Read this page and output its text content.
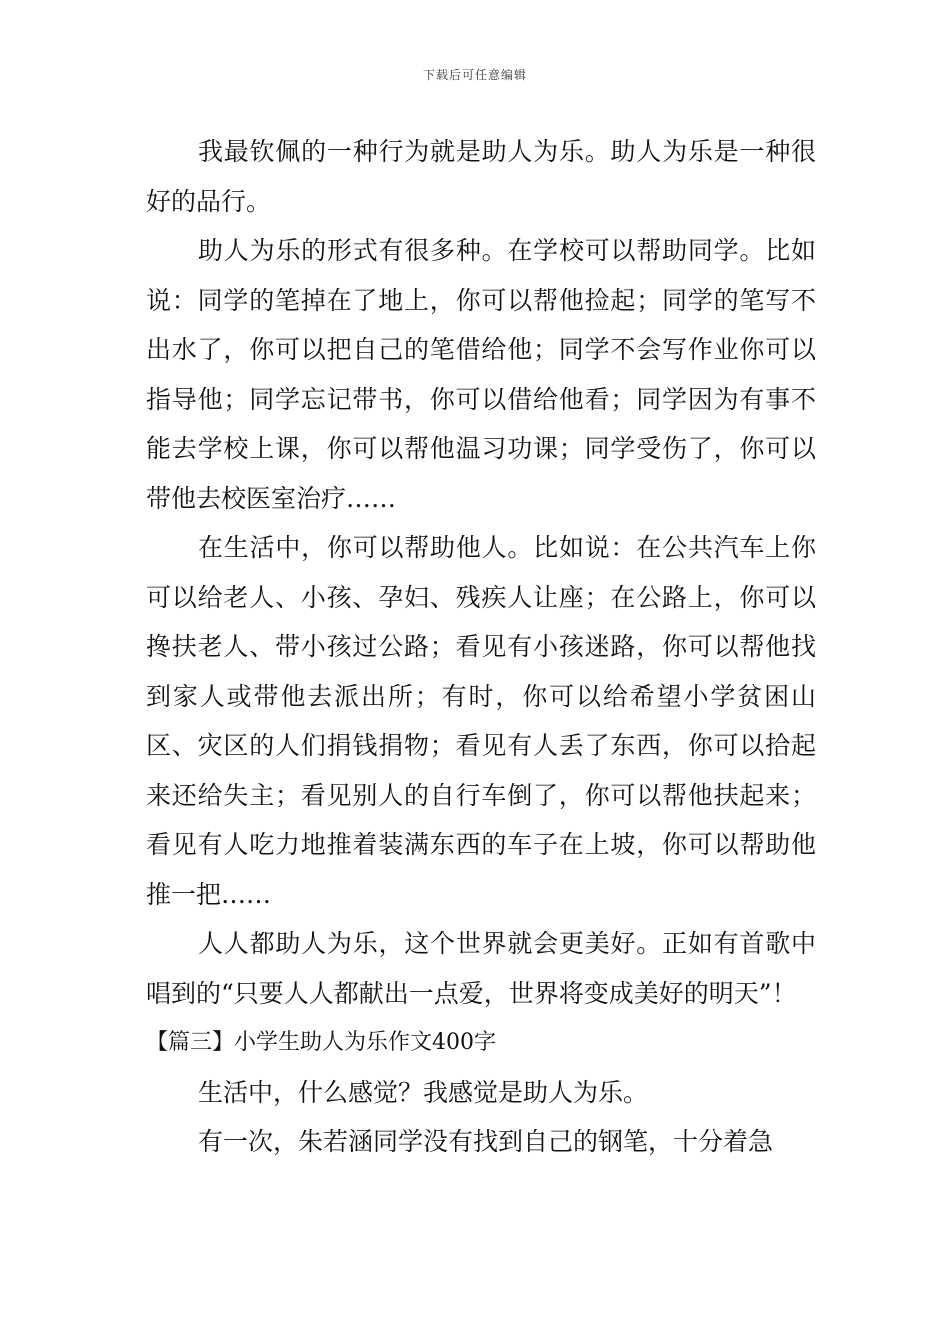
下载后可任意编辑

我最钦佩的一种行为就是助人为乐。助人为乐是一种很好的品行。

助人为乐的形式有很多种。在学校可以帮助同学。比如说：同学的笔掉在了地上，你可以帮他捡起；同学的笔写不出水了，你可以把自己的笔借给他；同学不会写作业你可以指导他；同学忘记带书，你可以借给他看；同学因为有事不能去学校上课，你可以帮他温习功课；同学受伤了，你可以带他去校医室治疗……

在生活中，你可以帮助他人。比如说：在公共汽车上你可以给老人、小孩、孕妇、残疾人让座；在公路上，你可以搀扶老人、带小孩过公路；看见有小孩迷路，你可以帮他找到家人或带他去派出所；有时，你可以给希望小学贫困山区、灾区的人们捐钱捐物；看见有人丢了东西，你可以拾起来还给失主；看见别人的自行车倒了，你可以帮他扶起来；看见有人吃力地推着装满东西的车子在上坡，你可以帮助他推一把……

人人都助人为乐，这个世界就会更美好。正如有首歌中唱到的“只要人人都献出一点爱，世界将变成美好的明天”！

【篇三】小学生助人为乐作文400字

生活中，什么感觉？我感觉是助人为乐。

有一次，朱若涵同学没有找到自己的钢笔，十分着急
